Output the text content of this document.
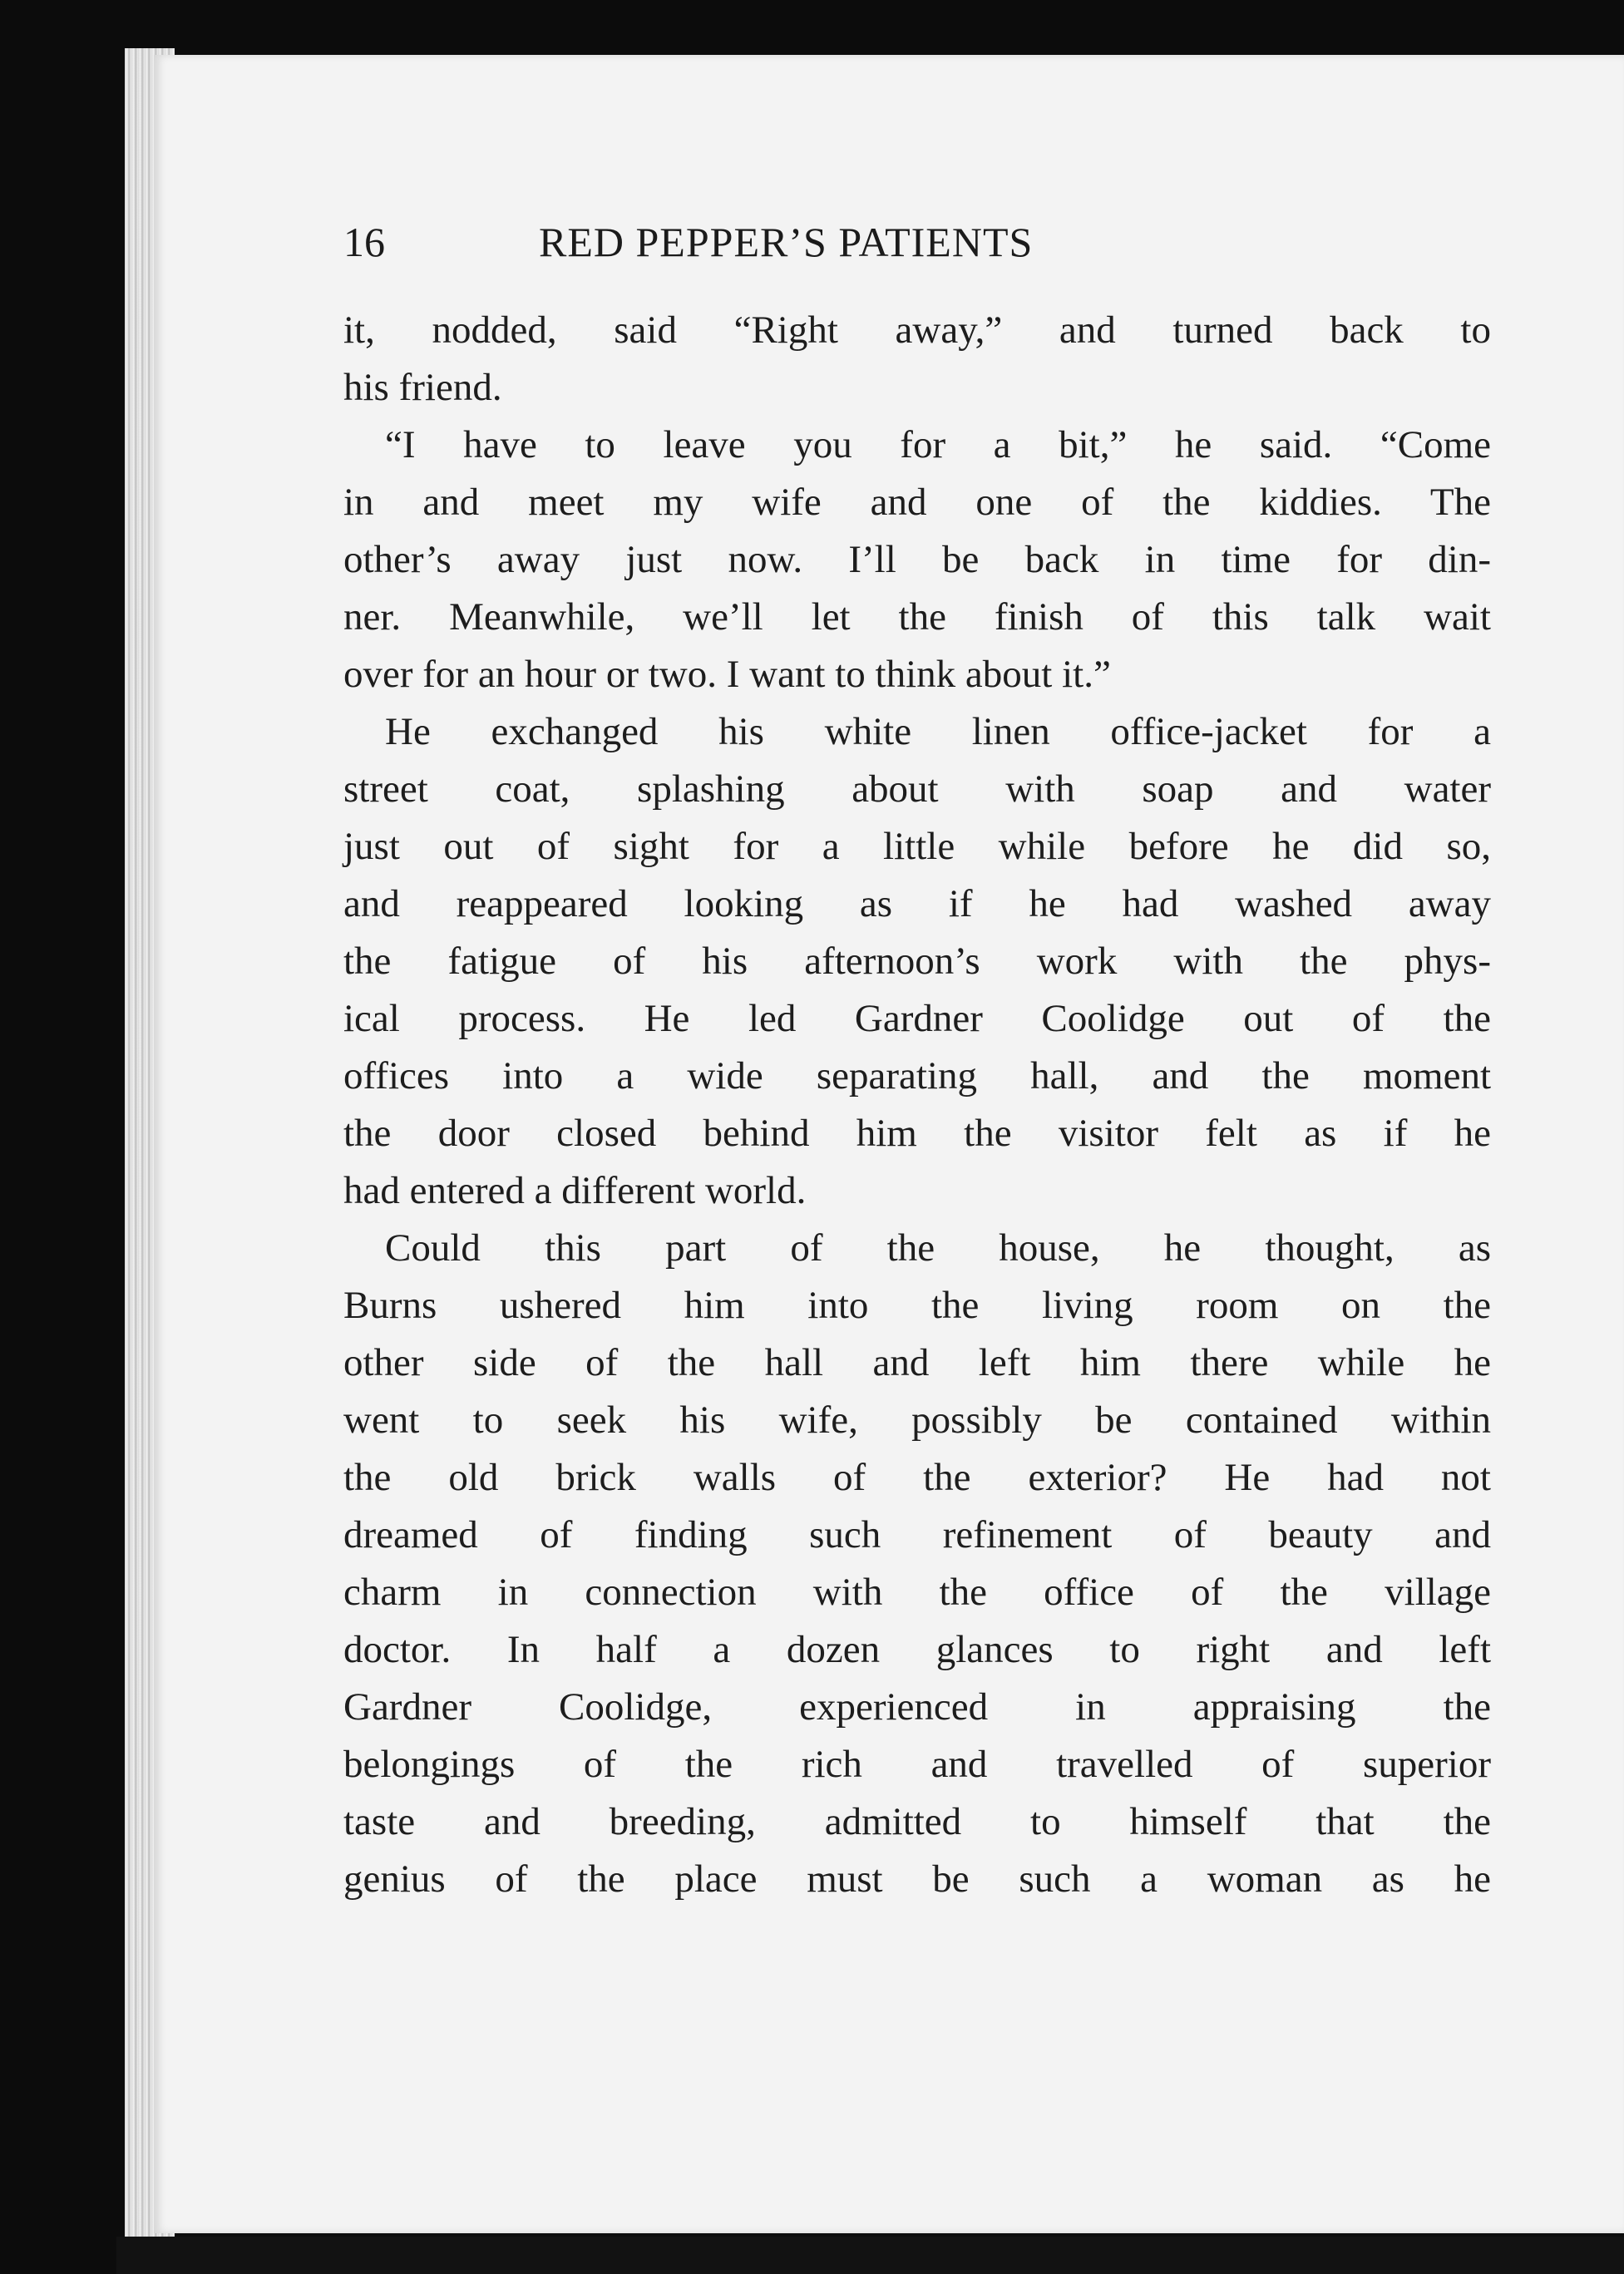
16	RED PEPPER’S PATIENTS
it, nodded, said “Right away,” and turned back to
his friend.
“I have to leave you for a bit,” he said. “Come
in and meet my wife and one of the kiddies. The
other’s away just now. I’ll be back in time for din-
ner. Meanwhile, we’ll let the finish of this talk wait
over for an hour or two. I want to think about it.”
He exchanged his white linen office-jacket for a
street coat, splashing about with soap and water
just out of sight for a little while before he did so,
and reappeared looking as if he had washed away
the fatigue of his afternoon’s work with the phys-
ical process. He led Gardner Coolidge out of the
offices into a wide separating hall, and the moment
the door closed behind him the visitor felt as if he
had entered a different world.
Could this part of the house, he thought, as
Burns ushered him into the living room on the
other side of the hall and left him there while he
went to seek his wife, possibly be contained within
the old brick walls of the exterior? He had not
dreamed of finding such refinement of beauty and
charm in connection with the office of the village
doctor. In half a dozen glances to right and left
Gardner Coolidge, experienced in appraising the
belongings of the rich and travelled of superior
taste and breeding, admitted to himself that the
genius of the place must be such a woman as he
